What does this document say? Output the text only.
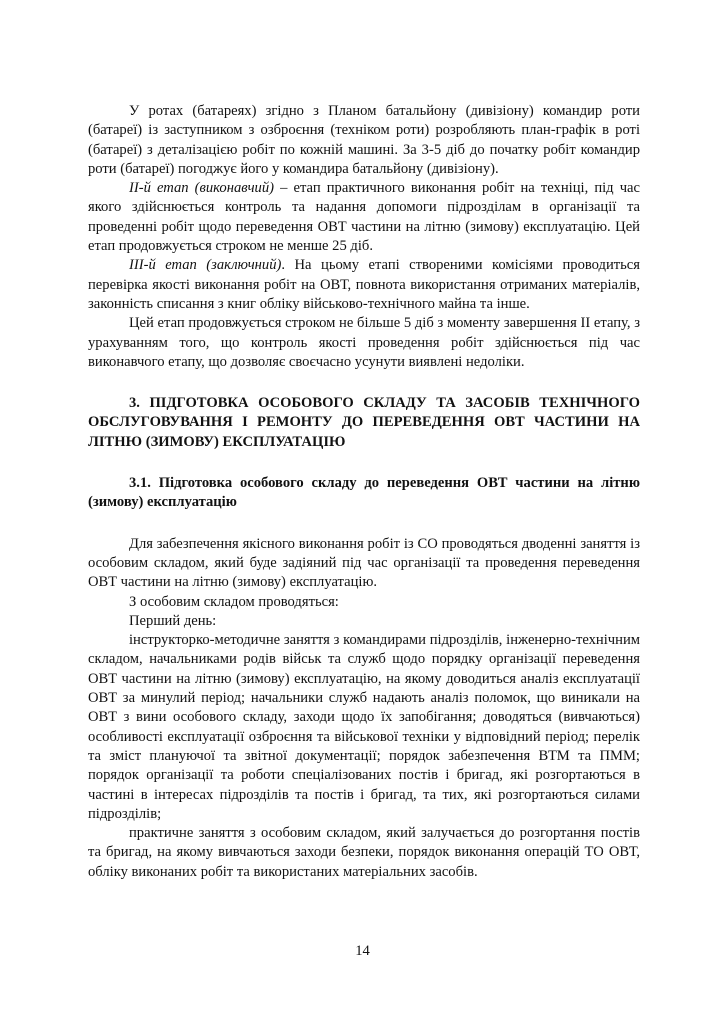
У ротах (батареях) згідно з Планом батальйону (дивізіону) командир роти (батареї) із заступником з озброєння (техніком роти) розробляють план-графік в роті (батареї) з деталізацією робіт по кожній машині. За 3-5 діб до початку робіт командир роти (батареї) погоджує його у командира батальйону (дивізіону).

ІІ-й етап (виконавчий) – етап практичного виконання робіт на техніці, під час якого здійснюється контроль та надання допомоги підрозділам в організації та проведенні робіт щодо переведення ОВТ частини на літню (зимову) експлуатацію. Цей етап продовжується строком не менше 25 діб.

ІІІ-й етап (заключний). На цьому етапі створеними комісіями проводиться перевірка якості виконання робіт на ОВТ, повнота використання отриманих матеріалів, законність списання з книг обліку військово-технічного майна та інше.

Цей етап продовжується строком не більше 5 діб з моменту завершення ІІ етапу, з урахуванням того, що контроль якості проведення робіт здійснюється під час виконавчого етапу, що дозволяє своєчасно усунути виявлені недоліки.

3. ПІДГОТОВКА ОСОБОВОГО СКЛАДУ ТА ЗАСОБІВ ТЕХНІЧНОГО ОБСЛУГОВУВАННЯ І РЕМОНТУ ДО ПЕРЕВЕДЕННЯ ОВТ ЧАСТИНИ НА ЛІТНЮ (ЗИМОВУ) ЕКСПЛУАТАЦІЮ

3.1. Підготовка особового складу до переведення ОВТ частини на літню (зимову) експлуатацію

Для забезпечення якісного виконання робіт із СО проводяться дводенні заняття із особовим складом, який буде задіяний під час організації та проведення переведення ОВТ частини на літню (зимову) експлуатацію.

З особовим складом проводяться:

Перший день:

інструкторко-методичне заняття з командирами підрозділів, інженерно-технічним складом, начальниками родів військ та служб щодо порядку організації переведення ОВТ частини на літню (зимову) експлуатацію, на якому доводиться аналіз експлуатації ОВТ за минулий період; начальники служб надають аналіз поломок, що виникали на ОВТ з вини особового складу, заходи щодо їх запобігання; доводяться (вивчаються) особливості експлуатації озброєння та військової техніки у відповідний період; перелік та зміст плануючої та звітної документації; порядок забезпечення ВТМ та ПММ; порядок організації та роботи спеціалізованих постів і бригад, які розгортаються в частині в інтересах підрозділів та постів і бригад, та тих, які розгортаються силами підрозділів;

практичне заняття з особовим складом, який залучається до розгортання постів та бригад, на якому вивчаються заходи безпеки, порядок виконання операцій ТО ОВТ, обліку виконаних робіт та використаних матеріальних засобів.

14
